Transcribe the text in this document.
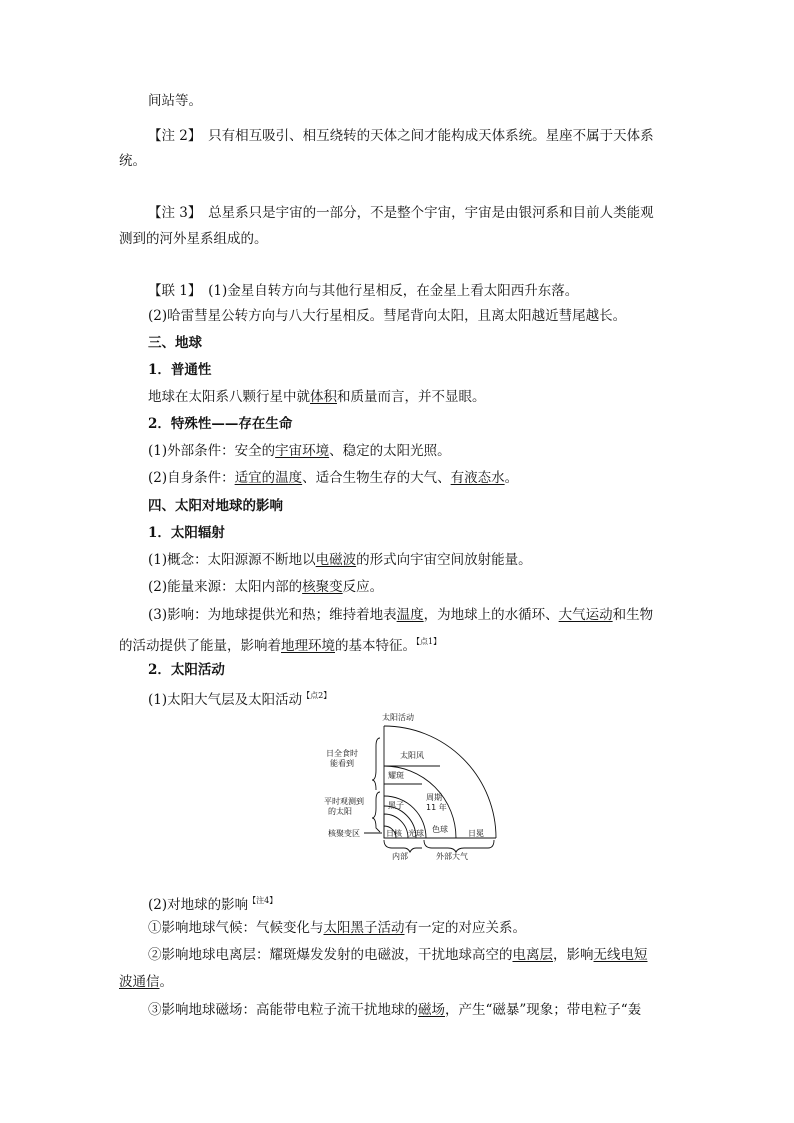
间站等。
【注 2】　只有相互吸引、相互绕转的天体之间才能构成天体系统。星座不属于天体系
统。
【注 3】　总星系只是宇宙的一部分，不是整个宇宙，宇宙是由银河系和目前人类能观
测到的河外星系组成的。
【联 1】　(1)金星自转方向与其他行星相反，在金星上看太阳西升东落。
(2)哈雷彗星公转方向与八大行星相反。彗尾背向太阳，且离太阳越近彗尾越长。
三、地球
1．普通性
地球在太阳系八颗行星中就体积和质量而言，并不显眼。
2．特殊性——存在生命
(1)外部条件：安全的宇宙环境、稳定的太阳光照。
(2)自身条件：适宜的温度、适合生物生存的大气、有液态水。
四、太阳对地球的影响
1．太阳辐射
(1)概念：太阳源源不断地以电磁波的形式向宇宙空间放射能量。
(2)能量来源：太阳内部的核聚变反应。
(3)影响：为地球提供光和热；维持着地表温度，为地球上的水循环、大气运动和生物
的活动提供了能量，影响着地理环境的基本特征。$^{【点1】}$
2．太阳活动
(1)太阳大气层及太阳活动$^{【点2】}$
太阳活动
太阳风
耀斑
黑子
周期
11 年
日全食时
能看到
平时观测到
的太阳
核聚变区	日核 光球 色球	日冕
内部	外部大气
(2)对地球的影响$^{【注4】}$
①影响地球气候：气候变化与太阳黑子活动有一定的对应关系。
②影响地球电离层：耀斑爆发发射的电磁波，干扰地球高空的电离层，影响无线电短
波通信。
③影响地球磁场：高能带电粒子流干扰地球的磁场，产生“磁暴”现象；带电粒子“轰
